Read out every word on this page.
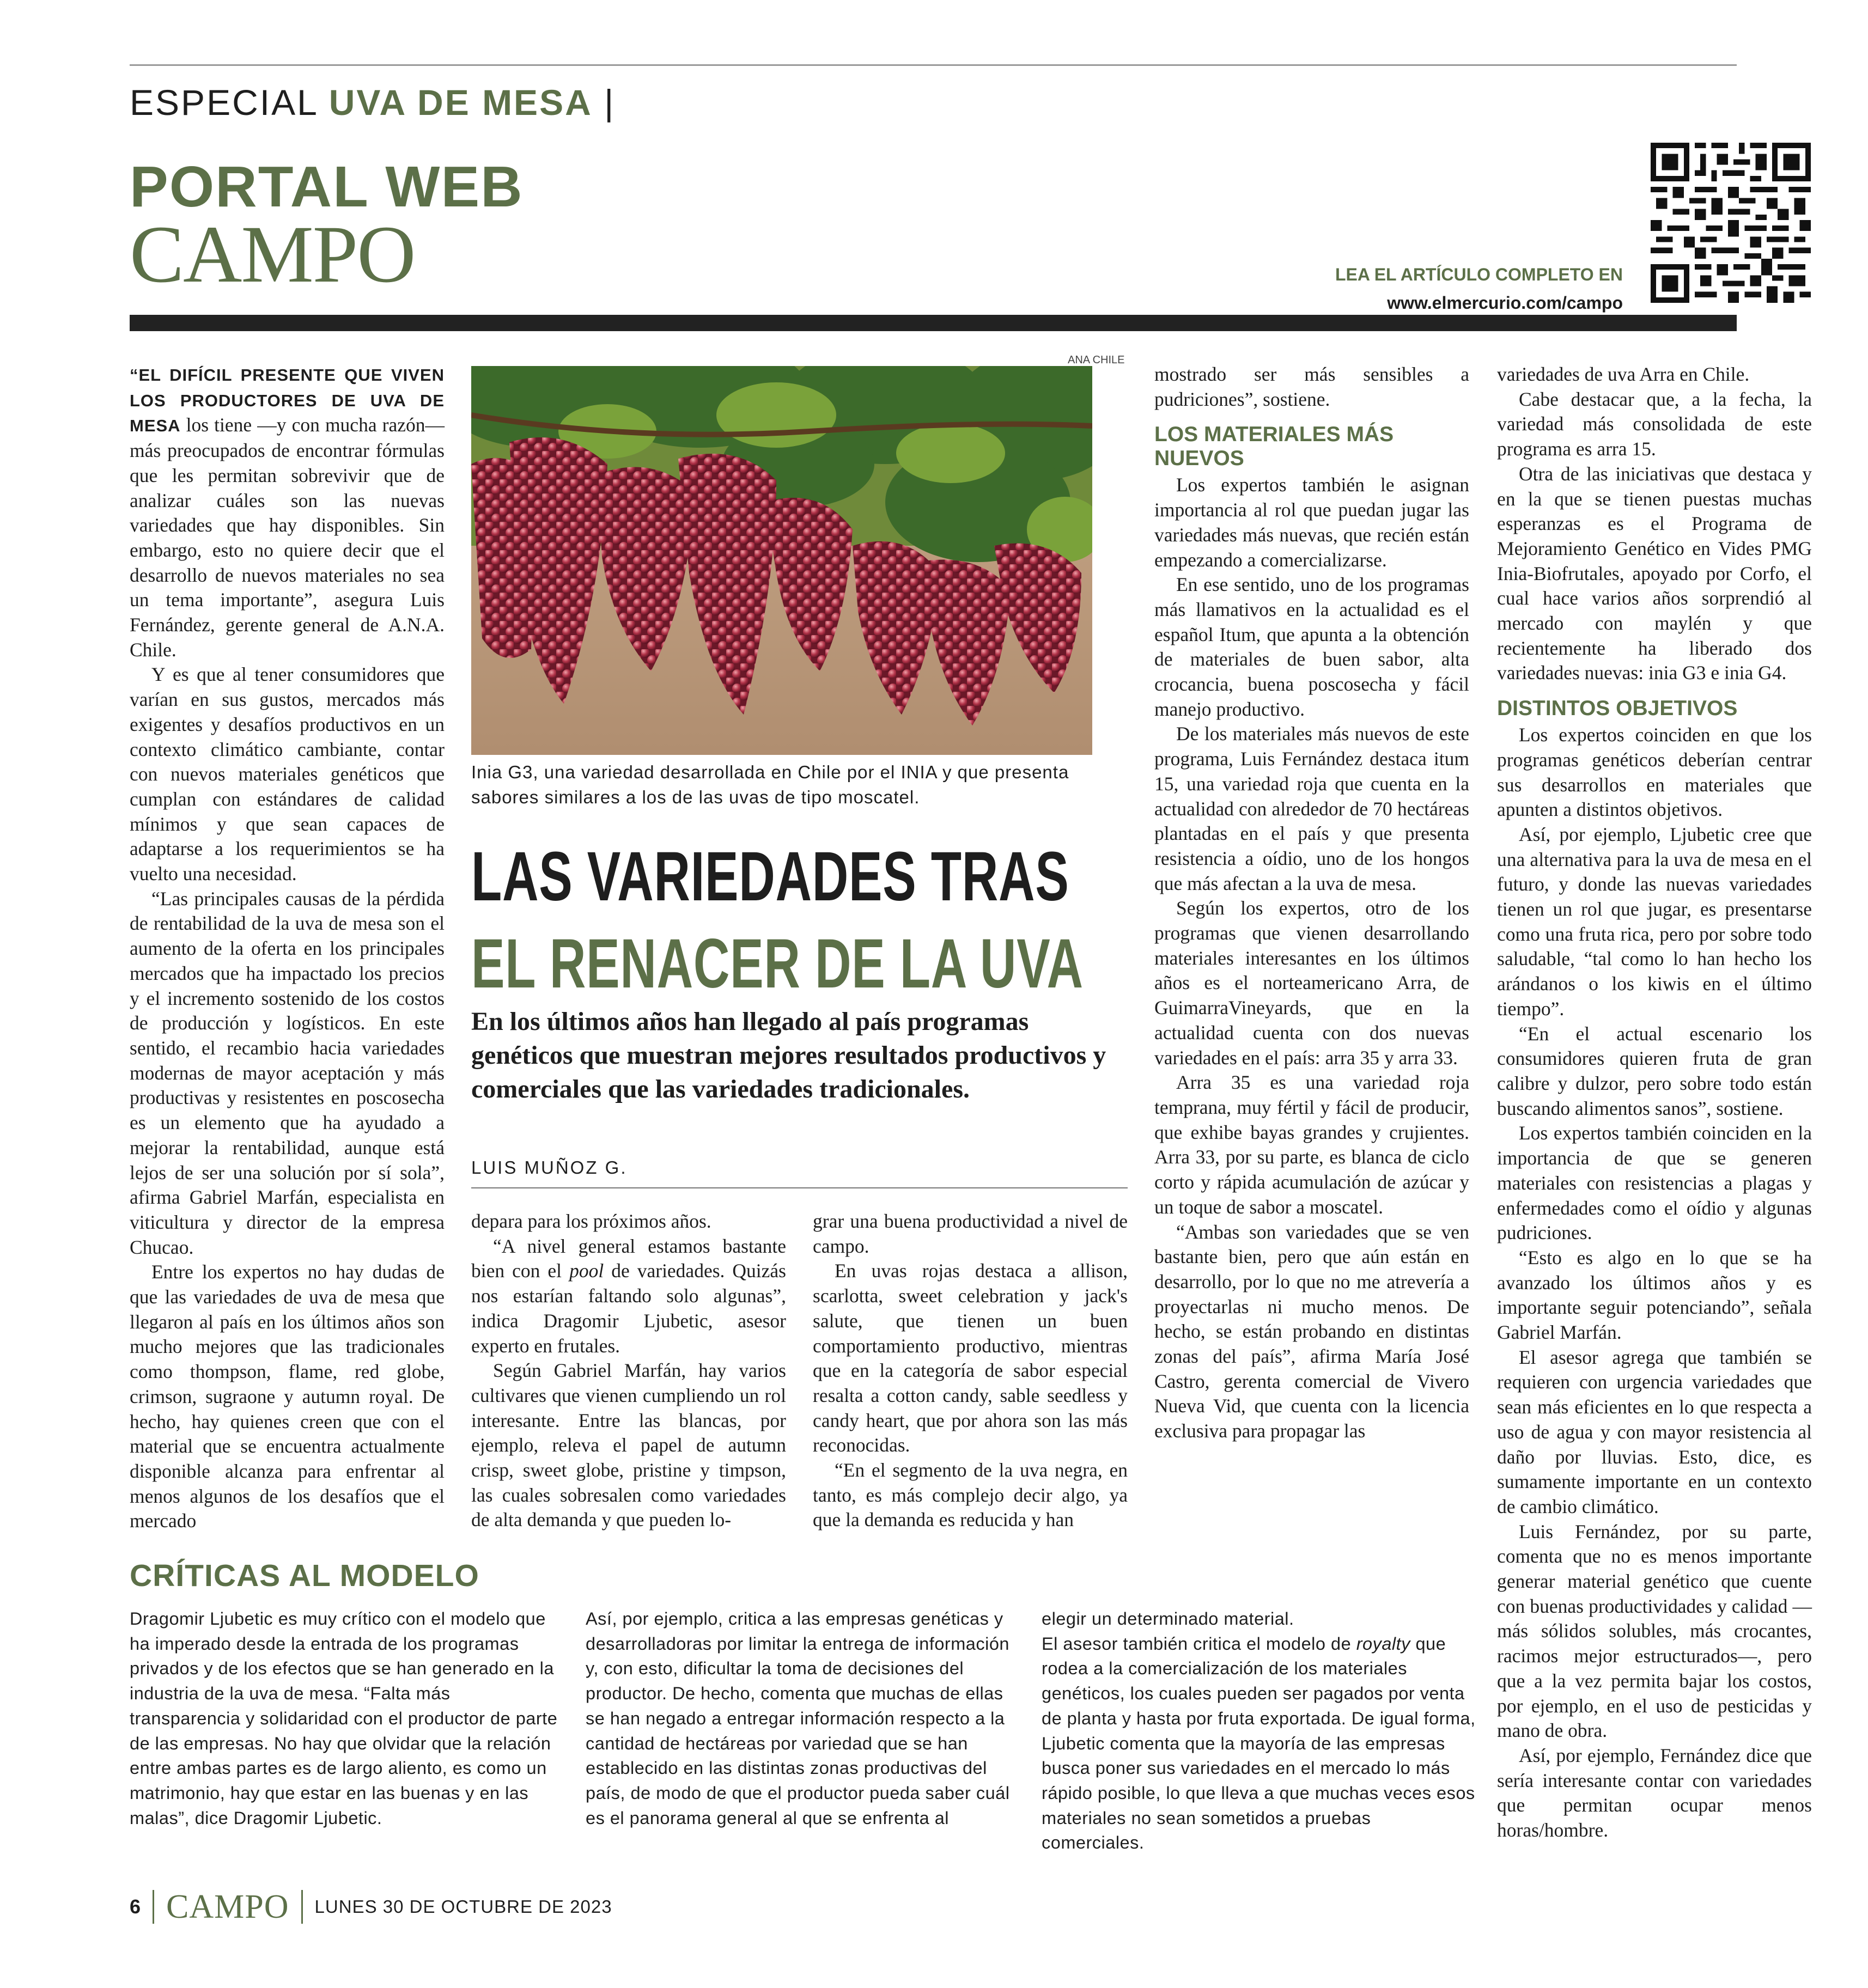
ESPECIAL UVA DE MESA |
PORTAL WEB
CAMPO	LEA EL ARTÍCULO COMPLETO EN
www.elmercurio.com/campo

“EL DIFÍCIL PRESENTE QUE VIVEN LOS PRODUCTORES DE UVA DE MESA los tiene —y con mucha razón— más preocupados de encontrar fórmulas que les permitan sobrevivir que de analizar cuáles son las nuevas variedades que hay disponibles. Sin embargo, esto no quiere decir que el desarrollo de nuevos materiales no sea un tema importante”, asegura Luis Fernández, gerente general de A.N.A. Chile.

Y es que al tener consumidores que varían en sus gustos, mercados más exigentes y desafíos productivos en un contexto climático cambiante, contar con nuevos materiales genéticos que cumplan con estándares de calidad mínimos y que sean capaces de adaptarse a los requerimientos se ha vuelto una necesidad.

“Las principales causas de la pérdida de rentabilidad de la uva de mesa son el aumento de la oferta en los principales mercados que ha impactado los precios y el incremento sostenido de los costos de producción y logísticos. En este sentido, el recambio hacia variedades modernas de mayor aceptación y más productivas y resistentes en poscosecha es un elemento que ha ayudado a mejorar la rentabilidad, aunque está lejos de ser una solución por sí sola”, afirma Gabriel Marfán, especialista en viticultura y director de la empresa Chucao.

Entre los expertos no hay dudas de que las variedades de uva de mesa que llegaron al país en los últimos años son mucho mejores que las tradicionales como thompson, flame, red globe, crimson, sugraone y autumn royal. De hecho, hay quienes creen que con el material que se encuentra actualmente disponible alcanza para enfrentar al menos algunos de los desafíos que el mercado

ANA CHILE
Inia G3, una variedad desarrollada en Chile por el INIA y que presenta sabores similares a los de las uvas de tipo moscatel.
LAS VARIEDADES TRAS
EL RENACER DE LA UVA
En los últimos años han llegado al país programas genéticos que muestran mejores resultados productivos y comerciales que las variedades tradicionales.
LUIS MUÑOZ G.

depara para los próximos años.

“A nivel general estamos bastante bien con el pool de variedades. Quizás nos estarían faltando solo algunas”, indica Dragomir Ljubetic, asesor experto en frutales.

Según Gabriel Marfán, hay varios cultivares que vienen cumpliendo un rol interesante. Entre las blancas, por ejemplo, releva el papel de autumn crisp, sweet globe, pristine y timpson, las cuales sobresalen como variedades de alta demanda y que pueden lo-

grar una buena productividad a nivel de campo.

En uvas rojas destaca a allison, scarlotta, sweet celebration y jack's salute, que tienen un buen comportamiento productivo, mientras que en la categoría de sabor especial resalta a cotton candy, sable seedless y candy heart, que por ahora son las más reconocidas.

“En el segmento de la uva negra, en tanto, es más complejo decir algo, ya que la demanda es reducida y han

mostrado ser más sensibles a pudriciones”, sostiene.

LOS MATERIALES MÁS NUEVOS

Los expertos también le asignan importancia al rol que puedan jugar las variedades más nuevas, que recién están empezando a comercializarse.

En ese sentido, uno de los programas más llamativos en la actualidad es el español Itum, que apunta a la obtención de materiales de buen sabor, alta crocancia, buena poscosecha y fácil manejo productivo.

De los materiales más nuevos de este programa, Luis Fernández destaca itum 15, una variedad roja que cuenta en la actualidad con alrededor de 70 hectáreas plantadas en el país y que presenta resistencia a oídio, uno de los hongos que más afectan a la uva de mesa.

Según los expertos, otro de los programas que vienen desarrollando materiales interesantes en los últimos años es el norteamericano Arra, de GuimarraVineyards, que en la actualidad cuenta con dos nuevas variedades en el país: arra 35 y arra 33.

Arra 35 es una variedad roja temprana, muy fértil y fácil de producir, que exhibe bayas grandes y crujientes. Arra 33, por su parte, es blanca de ciclo corto y rápida acumulación de azúcar y un toque de sabor a moscatel.

“Ambas son variedades que se ven bastante bien, pero que aún están en desarrollo, por lo que no me atrevería a proyectarlas ni mucho menos. De hecho, se están probando en distintas zonas del país”, afirma María José Castro, gerenta comercial de Vivero Nueva Vid, que cuenta con la licencia exclusiva para propagar las

variedades de uva Arra en Chile.

Cabe destacar que, a la fecha, la variedad más consolidada de este programa es arra 15.

Otra de las iniciativas que destaca y en la que se tienen puestas muchas esperanzas es el Programa de Mejoramiento Genético en Vides PMG Inia-Biofrutales, apoyado por Corfo, el cual hace varios años sorprendió al mercado con maylén y que recientemente ha liberado dos variedades nuevas: inia G3 e inia G4.

DISTINTOS OBJETIVOS

Los expertos coinciden en que los programas genéticos deberían centrar sus desarrollos en materiales que apunten a distintos objetivos.

Así, por ejemplo, Ljubetic cree que una alternativa para la uva de mesa en el futuro, y donde las nuevas variedades tienen un rol que jugar, es presentarse como una fruta rica, pero por sobre todo saludable, “tal como lo han hecho los arándanos o los kiwis en el último tiempo”.

“En el actual escenario los consumidores quieren fruta de gran calibre y dulzor, pero sobre todo están buscando alimentos sanos”, sostiene.

Los expertos también coinciden en la importancia de que se generen materiales con resistencias a plagas y enfermedades como el oídio y algunas pudriciones.

“Esto es algo en lo que se ha avanzado los últimos años y es importante seguir potenciando”, señala Gabriel Marfán.

El asesor agrega que también se requieren con urgencia variedades que sean más eficientes en lo que respecta a uso de agua y con mayor resistencia al daño por lluvias. Esto, dice, es sumamente importante en un contexto de cambio climático.

Luis Fernández, por su parte, comenta que no es menos importante generar material genético que cuente con buenas productividades y calidad —más sólidos solubles, más crocantes, racimos mejor estructurados—, pero que a la vez permita bajar los costos, por ejemplo, en el uso de pesticidas y mano de obra.

Así, por ejemplo, Fernández dice que sería interesante contar con variedades que permitan ocupar menos horas/hombre.

CRÍTICAS AL MODELO

Dragomir Ljubetic es muy crítico con el modelo que ha imperado desde la entrada de los programas privados y de los efectos que se han generado en la industria de la uva de mesa. “Falta más transparencia y solidaridad con el productor de parte de las empresas. No hay que olvidar que la relación entre ambas partes es de largo aliento, es como un matrimonio, hay que estar en las buenas y en las malas”, dice Dragomir Ljubetic.

Así, por ejemplo, critica a las empresas genéticas y desarrolladoras por limitar la entrega de información y, con esto, dificultar la toma de decisiones del productor. De hecho, comenta que muchas de ellas se han negado a entregar información respecto a la cantidad de hectáreas por variedad que se han establecido en las distintas zonas productivas del país, de modo de que el productor pueda saber cuál es el panorama general al que se enfrenta al

elegir un determinado material.

El asesor también critica el modelo de royalty que rodea a la comercialización de los materiales genéticos, los cuales pueden ser pagados por venta de planta y hasta por fruta exportada. De igual forma, Ljubetic comenta que la mayoría de las empresas busca poner sus variedades en el mercado lo más rápido posible, lo que lleva a que muchas veces esos materiales no sean sometidos a pruebas comerciales.

6 CAMPO LUNES 30 DE OCTUBRE DE 2023
